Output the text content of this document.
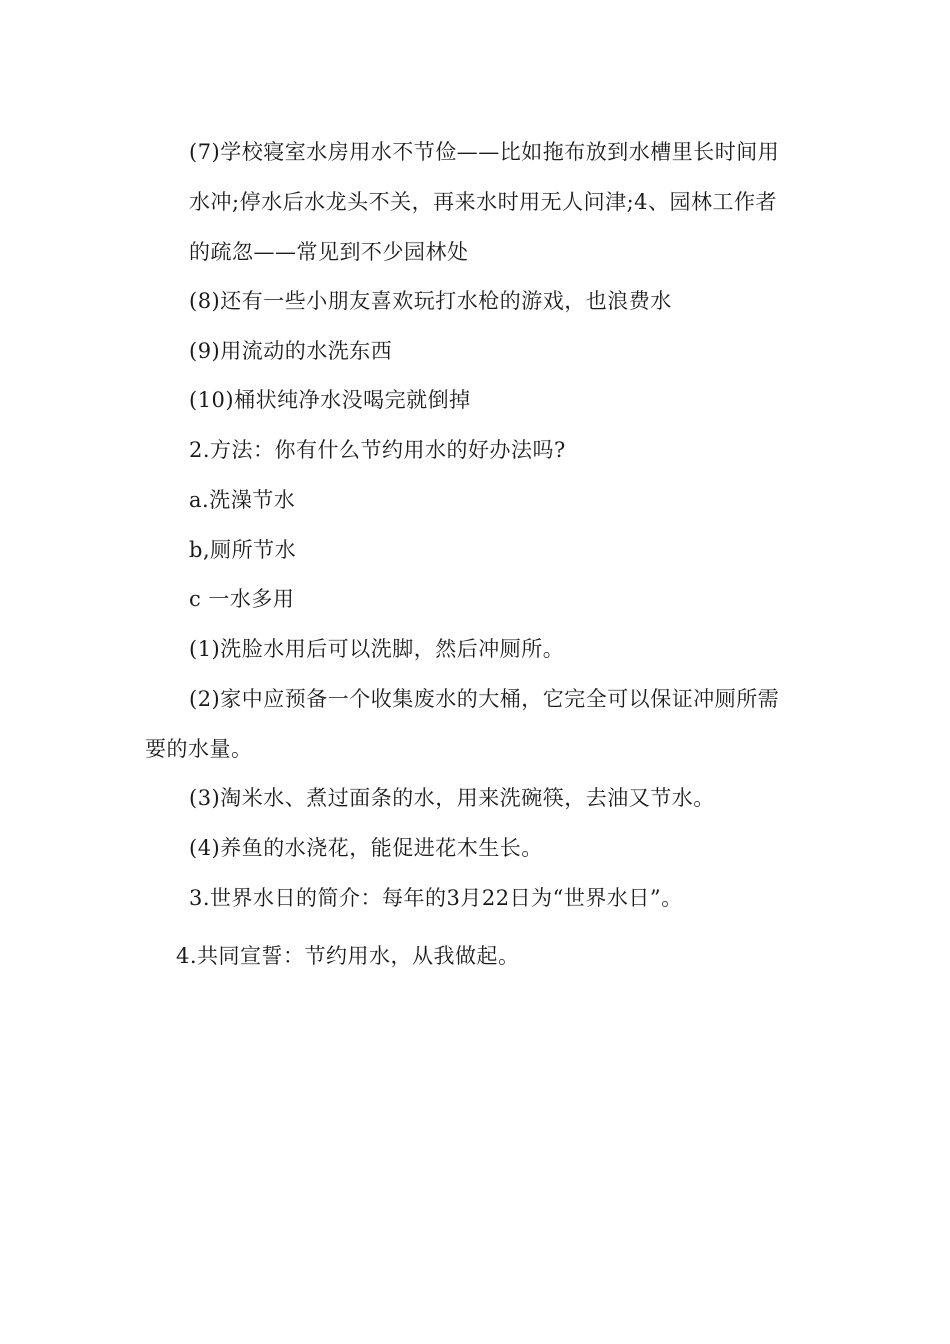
(7)学校寝室水房用水不节俭——比如拖布放到水槽里长时间用
水冲;停水后水龙头不关，再来水时用无人问津;4、园林工作者
的疏忽——常见到不少园林处
(8)还有一些小朋友喜欢玩打水枪的游戏，也浪费水
(9)用流动的水洗东西
(10)桶状纯净水没喝完就倒掉
2.方法：你有什么节约用水的好办法吗?
a.洗澡节水
b,厕所节水
c 一水多用
(1)洗脸水用后可以洗脚，然后冲厕所。
(2)家中应预备一个收集废水的大桶，它完全可以保证冲厕所需
要的水量。
(3)淘米水、煮过面条的水，用来洗碗筷，去油又节水。
(4)养鱼的水浇花，能促进花木生长。
3.世界水日的简介：每年的3月22日为“世界水日”。
4.共同宣誓：节约用水，从我做起。
